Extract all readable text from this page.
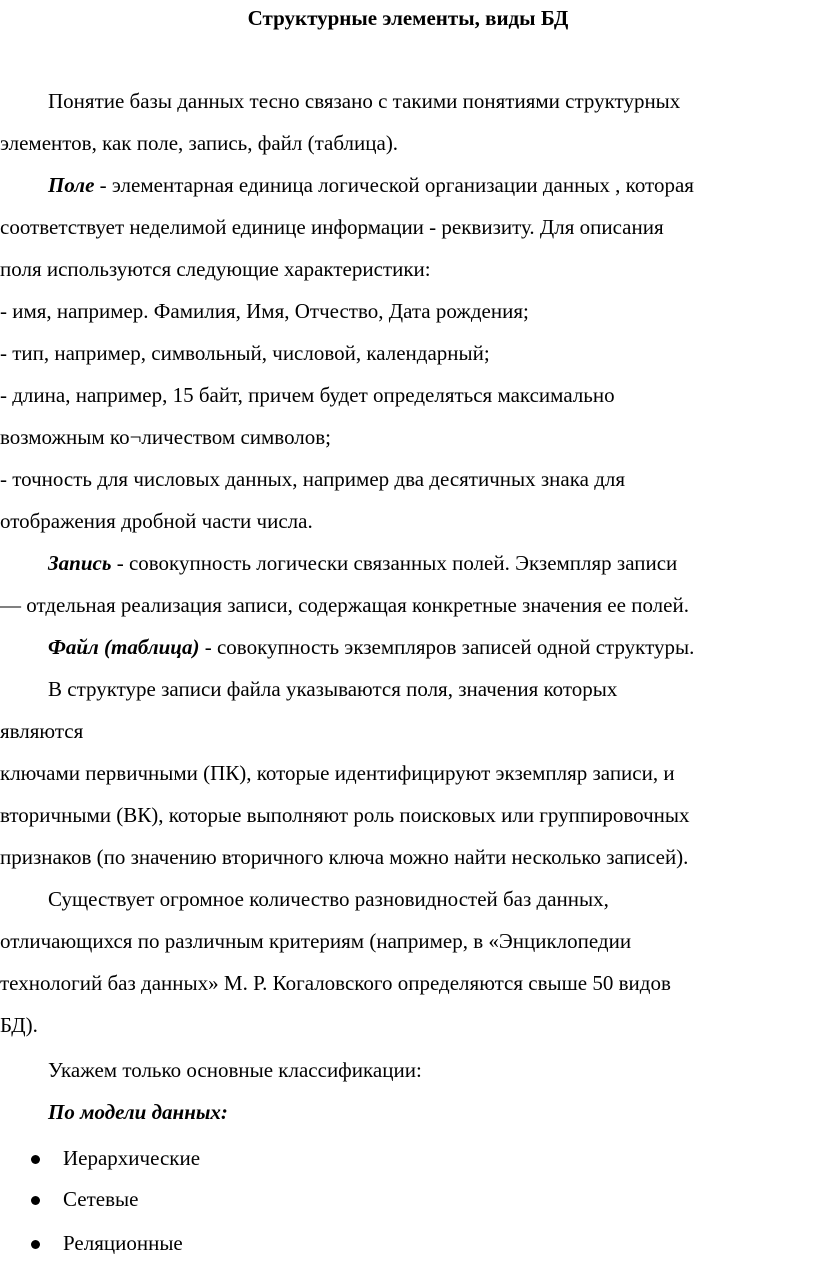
Структурные элементы, виды БД
Понятие базы данных тесно связано с такими понятиями структурных
элементов, как поле, запись, файл (таблица).
Поле - элементарная единица логической организации данных , которая
соответствует неделимой единице информации - реквизиту. Для описания
поля используются следующие характеристики:
- имя, например. Фамилия, Имя, Отчество, Дата рождения;
- тип, например, символьный, числовой, календарный;
- длина, например, 15 байт, причем будет определяться максимально
возможным ко¬личеством символов;
- точность для числовых данных, например два десятичных знака для
отображения дробной части числа.
Запись - совокупность логически связанных полей. Экземпляр записи
— отдельная реализация записи, содержащая конкретные значения ее полей.
Файл (таблица) - совокупность экземпляров записей одной структуры.
В структуре записи файла указываются поля, значения которых
являются
ключами первичными (ПК), которые идентифицируют экземпляр записи, и
вторичными (ВК), которые выполняют роль поисковых или группировочных
признаков (по значению вторичного ключа можно найти несколько записей).
Существует огромное количество разновидностей баз данных,
отличающихся по различным критериям (например, в «Энциклопедии
технологий баз данных» М. Р. Когаловского определяются свыше 50 видов
БД).
Укажем только основные классификации:
По модели данных:
Иерархические
Сетевые
Реляционные
